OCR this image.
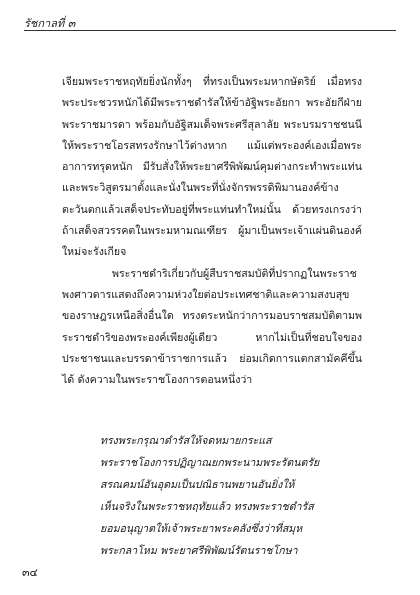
รัชกาลที่ ๓

เจียมพระราชหฤทัยยิ่งนักทั้งๆ ที่ทรงเป็นพระมหากษัตริย์ เมื่อทรงพระประชวรหนักได้มีพระราชดำรัสให้ข้าอัฐิพระอัยกา พระอัยกีฝ่ายพระราชมารดา พร้อมกับอัฐิสมเด็จพระศรีสุลาลัย พระบรมราชชนนี ให้พระราชโอรสทรงรักษาไว้ต่างหาก แม้แต่พระองค์เองเมื่อพระอาการทรุดหนัก มีรับสั่งให้พระยาศรีพิพัฒน์คุมต่างกระทำพระแท่นและพระวิสูตรมาตั้งและนั่งในพระที่นั่งจักรพรรดิพิมานองค์ข้างตะวันตกแล้วเสด็จประทับอยู่ที่พระแท่นทำใหม่นั้น ด้วยทรงเกรงว่าถ้าเสด็จสวรรคตในพระมหามณเฑียร ผู้มาเป็นพระเจ้าแผ่นดินองค์ใหม่จะรังเกียจ

พระราชดำริเกี่ยวกับผู้สืบราชสมบัติที่ปรากฏในพระราชพงศาวดารแสดงถึงความห่วงใยต่อประเทศชาติและความสงบสุขของราษฎรเหนือสิ่งอื่นใด ทรงตระหนักว่าการมอบราชสมบัติตามพระราชดำริของพระองค์เพียงผู้เดียว หากไม่เป็นที่ชอบใจของประชาชนและบรรดาข้าราชการแล้ว ย่อมเกิดการแตกสามัคคีขึ้นได้ ดังความในพระราชโองการตอนหนึ่งว่า

ทรงพระกรุณาดำรัสให้จดหมายกระแส
พระราชโองการปฏิญาณยกพระนามพระรัตนตรัย
สรณคมน์อันอุดมเป็นปณิธานพยานอันยิ่งให้
เห็นจริงในพระราชหฤทัยแล้ว ทรงพระราชดำรัส
ยอมอนุญาตให้เจ้าพระยาพระคลังซึ่งว่าที่สมุห
พระกลาโหม พระยาศรีพิพัฒน์รัตนราชโกษา
๓๔
